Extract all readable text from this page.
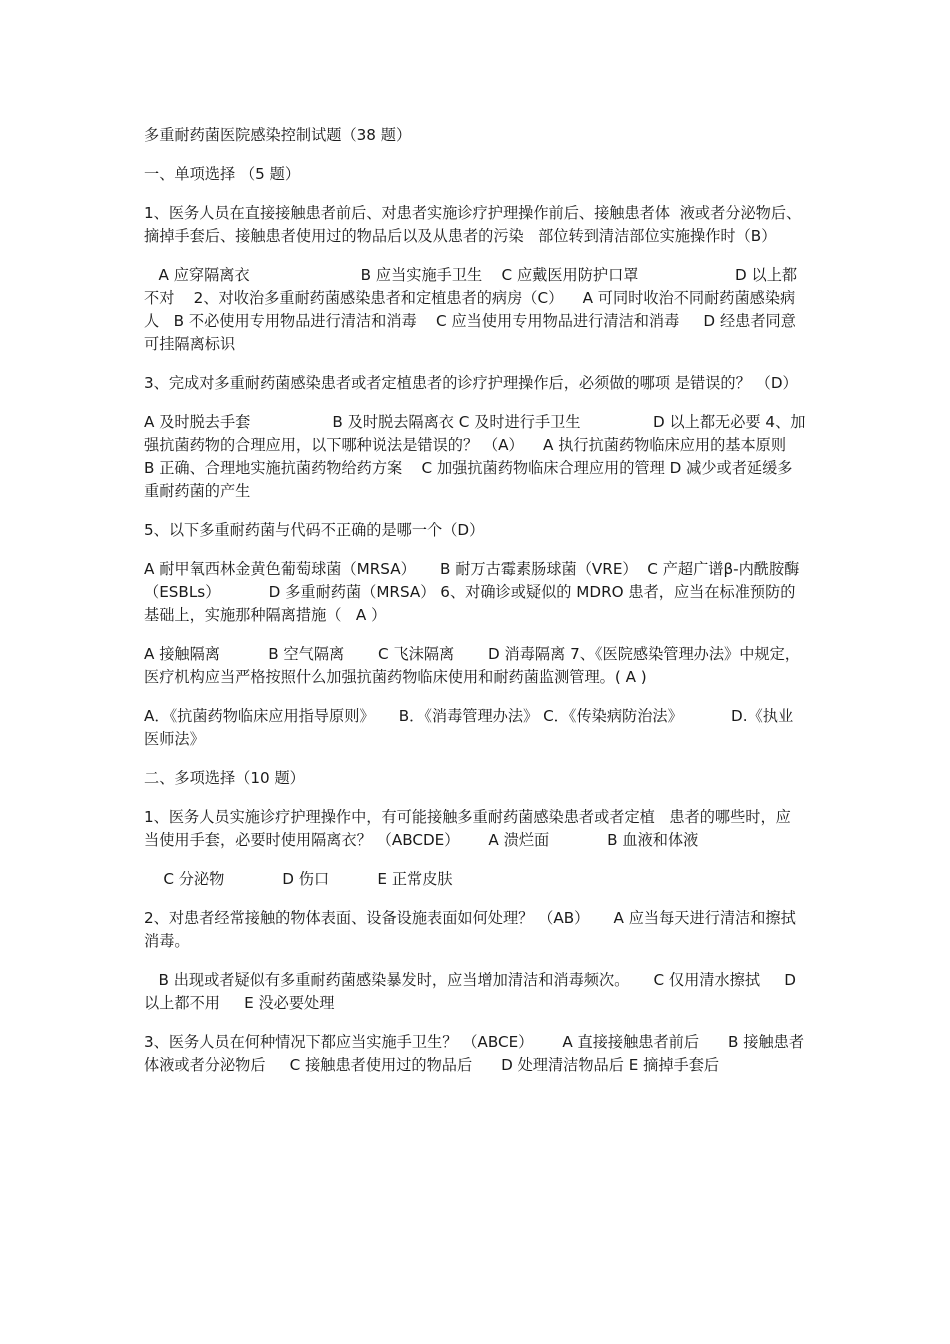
多重耐药菌医院感染控制试题（38 题）

一、单项选择 （5 题）

1、医务人员在直接接触患者前后、对患者实施诊疗护理操作前后、接触患者体  液或者分泌物后、摘掉手套后、接触患者使用过的物品后以及从患者的污染   部位转到清洁部位实施操作时（B）

A 应穿隔离衣                       B 应当实施手卫生    C 应戴医用防护口罩                    D 以上都不对    2、对收治多重耐药菌感染患者和定植患者的病房（C）    A 可同时收治不同耐药菌感染病人   B 不必使用专用物品进行清洁和消毒    C 应当使用专用物品进行清洁和消毒     D 经患者同意可挂隔离标识

3、完成对多重耐药菌感染患者或者定植患者的诊疗护理操作后，必须做的哪项 是错误的？ （D）

A 及时脱去手套                 B 及时脱去隔离衣 C 及时进行手卫生               D 以上都无必要 4、加强抗菌药物的合理应用，以下哪种说法是错误的？ （A）    A 执行抗菌药物临床应用的基本原则    B 正确、合理地实施抗菌药物给药方案    C 加强抗菌药物临床合理应用的管理 D 减少或者延缓多重耐药菌的产生

5、以下多重耐药菌与代码不正确的是哪一个（D）

A 耐甲氧西林金黄色葡萄球菌（MRSA）     B 耐万古霉素肠球菌（VRE）  C 产超广谱β-内酰胺酶 （ESBLs）          D 多重耐药菌（MRSA） 6、对确诊或疑似的 MDRO 患者，应当在标准预防的基础上，实施那种隔离措施（   A ）

A 接触隔离          B 空气隔离       C 飞沫隔离       D 消毒隔离 7、《医院感染管理办法》中规定，医疗机构应当严格按照什么加强抗菌药物临床使用和耐药菌监测管理。( A )

A．《抗菌药物临床应用指导原则》     B．《消毒管理办法》 C．《传染病防治法》          D.《执业医师法》

二、多项选择（10 题）

1、医务人员实施诊疗护理操作中，有可能接触多重耐药菌感染患者或者定植   患者的哪些时，应当使用手套，必要时使用隔离衣？ （ABCDE）      A 溃烂面            B 血液和体液

C 分泌物            D 伤口          E 正常皮肤

2、对患者经常接触的物体表面、设备设施表面如何处理？ （AB）     A 应当每天进行清洁和擦拭消毒。

B 出现或者疑似有多重耐药菌感染暴发时，应当增加清洁和消毒频次。     C 仅用清水擦拭     D 以上都不用     E 没必要处理

3、医务人员在何种情况下都应当实施手卫生？ （ABCE）      A 直接接触患者前后      B 接触患者体液或者分泌物后     C 接触患者使用过的物品后      D 处理清洁物品后 E 摘掉手套后
